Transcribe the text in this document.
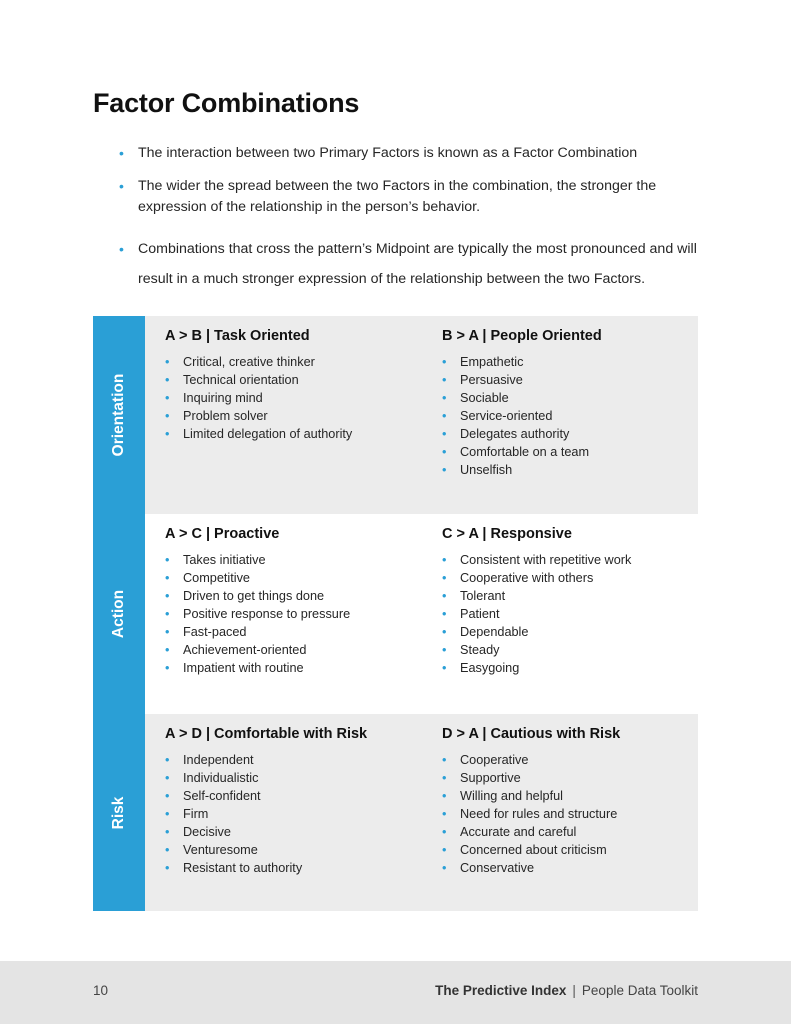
Factor Combinations
• The interaction between two Primary Factors is known as a Factor Combination
• The wider the spread between the two Factors in the combination, the stronger the expression of the relationship in the person’s behavior.
• Combinations that cross the pattern’s Midpoint are typically the most pronounced and will result in a much stronger expression of the relationship between the two Factors.
Orientation
A > B | Task Oriented
• Critical, creative thinker
• Technical orientation
• Inquiring mind
• Problem solver
• Limited delegation of authority
B > A | People Oriented
• Empathetic
• Persuasive
• Sociable
• Service-oriented
• Delegates authority
• Comfortable on a team
• Unselfish
Action
A > C | Proactive
• Takes initiative
• Competitive
• Driven to get things done
• Positive response to pressure
• Fast-paced
• Achievement-oriented
• Impatient with routine
C > A | Responsive
• Consistent with repetitive work
• Cooperative with others
• Tolerant
• Patient
• Dependable
• Steady
• Easygoing
Risk
A > D | Comfortable with Risk
• Independent
• Individualistic
• Self-confident
• Firm
• Decisive
• Venturesome
• Resistant to authority
D > A | Cautious with Risk
• Cooperative
• Supportive
• Willing and helpful
• Need for rules and structure
• Accurate and careful
• Concerned about criticism
• Conservative
10	The Predictive Index | People Data Toolkit
